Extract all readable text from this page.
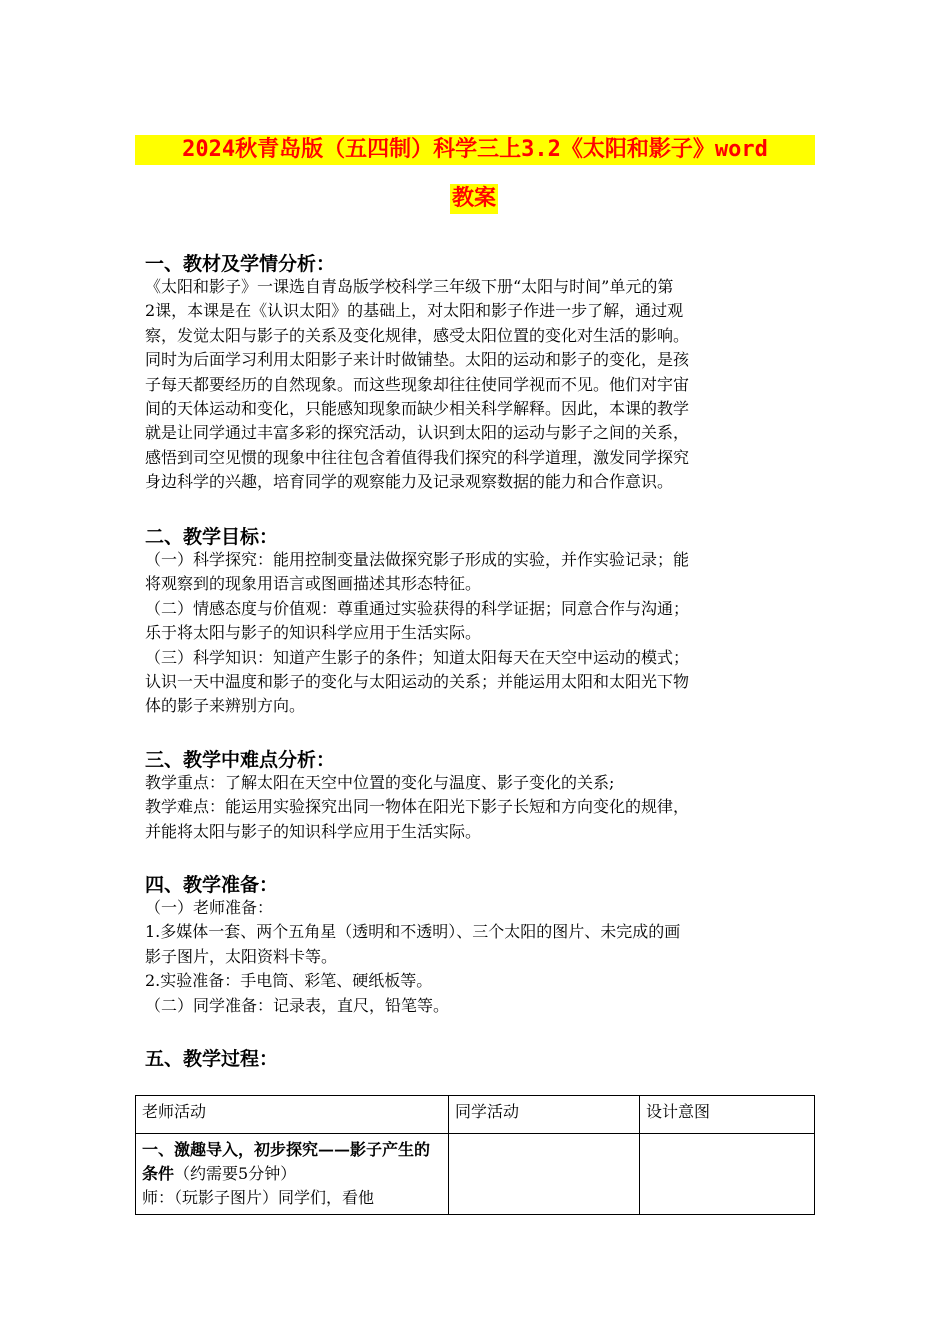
2024秋青岛版（五四制）科学三上3.2《太阳和影子》word
教案
一、教材及学情分析：
《太阳和影子》一课选自青岛版学校科学三年级下册“太阳与时间”单元的第
2课，本课是在《认识太阳》的基础上，对太阳和影子作进一步了解，通过观
察，发觉太阳与影子的关系及变化规律，感受太阳位置的变化对生活的影响。
同时为后面学习利用太阳影子来计时做铺垫。太阳的运动和影子的变化，是孩
子每天都要经历的自然现象。而这些现象却往往使同学视而不见。他们对宇宙
间的天体运动和变化，只能感知现象而缺少相关科学解释。因此，本课的教学
就是让同学通过丰富多彩的探究活动，认识到太阳的运动与影子之间的关系，
感悟到司空见惯的现象中往往包含着值得我们探究的科学道理，激发同学探究
身边科学的兴趣，培育同学的观察能力及记录观察数据的能力和合作意识。
二、教学目标：
（一）科学探究：能用控制变量法做探究影子形成的实验，并作实验记录；能
将观察到的现象用语言或图画描述其形态特征。
（二）情感态度与价值观：尊重通过实验获得的科学证据；同意合作与沟通；
乐于将太阳与影子的知识科学应用于生活实际。
（三）科学知识：知道产生影子的条件；知道太阳每天在天空中运动的模式；
认识一天中温度和影子的变化与太阳运动的关系；并能运用太阳和太阳光下物
体的影子来辨别方向。
三、教学中难点分析：
教学重点：了解太阳在天空中位置的变化与温度、影子变化的关系;
教学难点：能运用实验探究出同一物体在阳光下影子长短和方向变化的规律，
并能将太阳与影子的知识科学应用于生活实际。
四、教学准备：
（一）老师准备：
1.多媒体一套、两个五角星（透明和不透明）、三个太阳的图片、未完成的画
影子图片，太阳资料卡等。
2.实验准备：手电筒、彩笔、硬纸板等。
（二）同学准备：记录表，直尺，铅笔等。
五、教学过程：
老师活动	同学活动	设计意图
一、激趣导入，初步探究——影子产生的条件（约需要5分钟）
师：（玩影子图片）同学们，看他		
